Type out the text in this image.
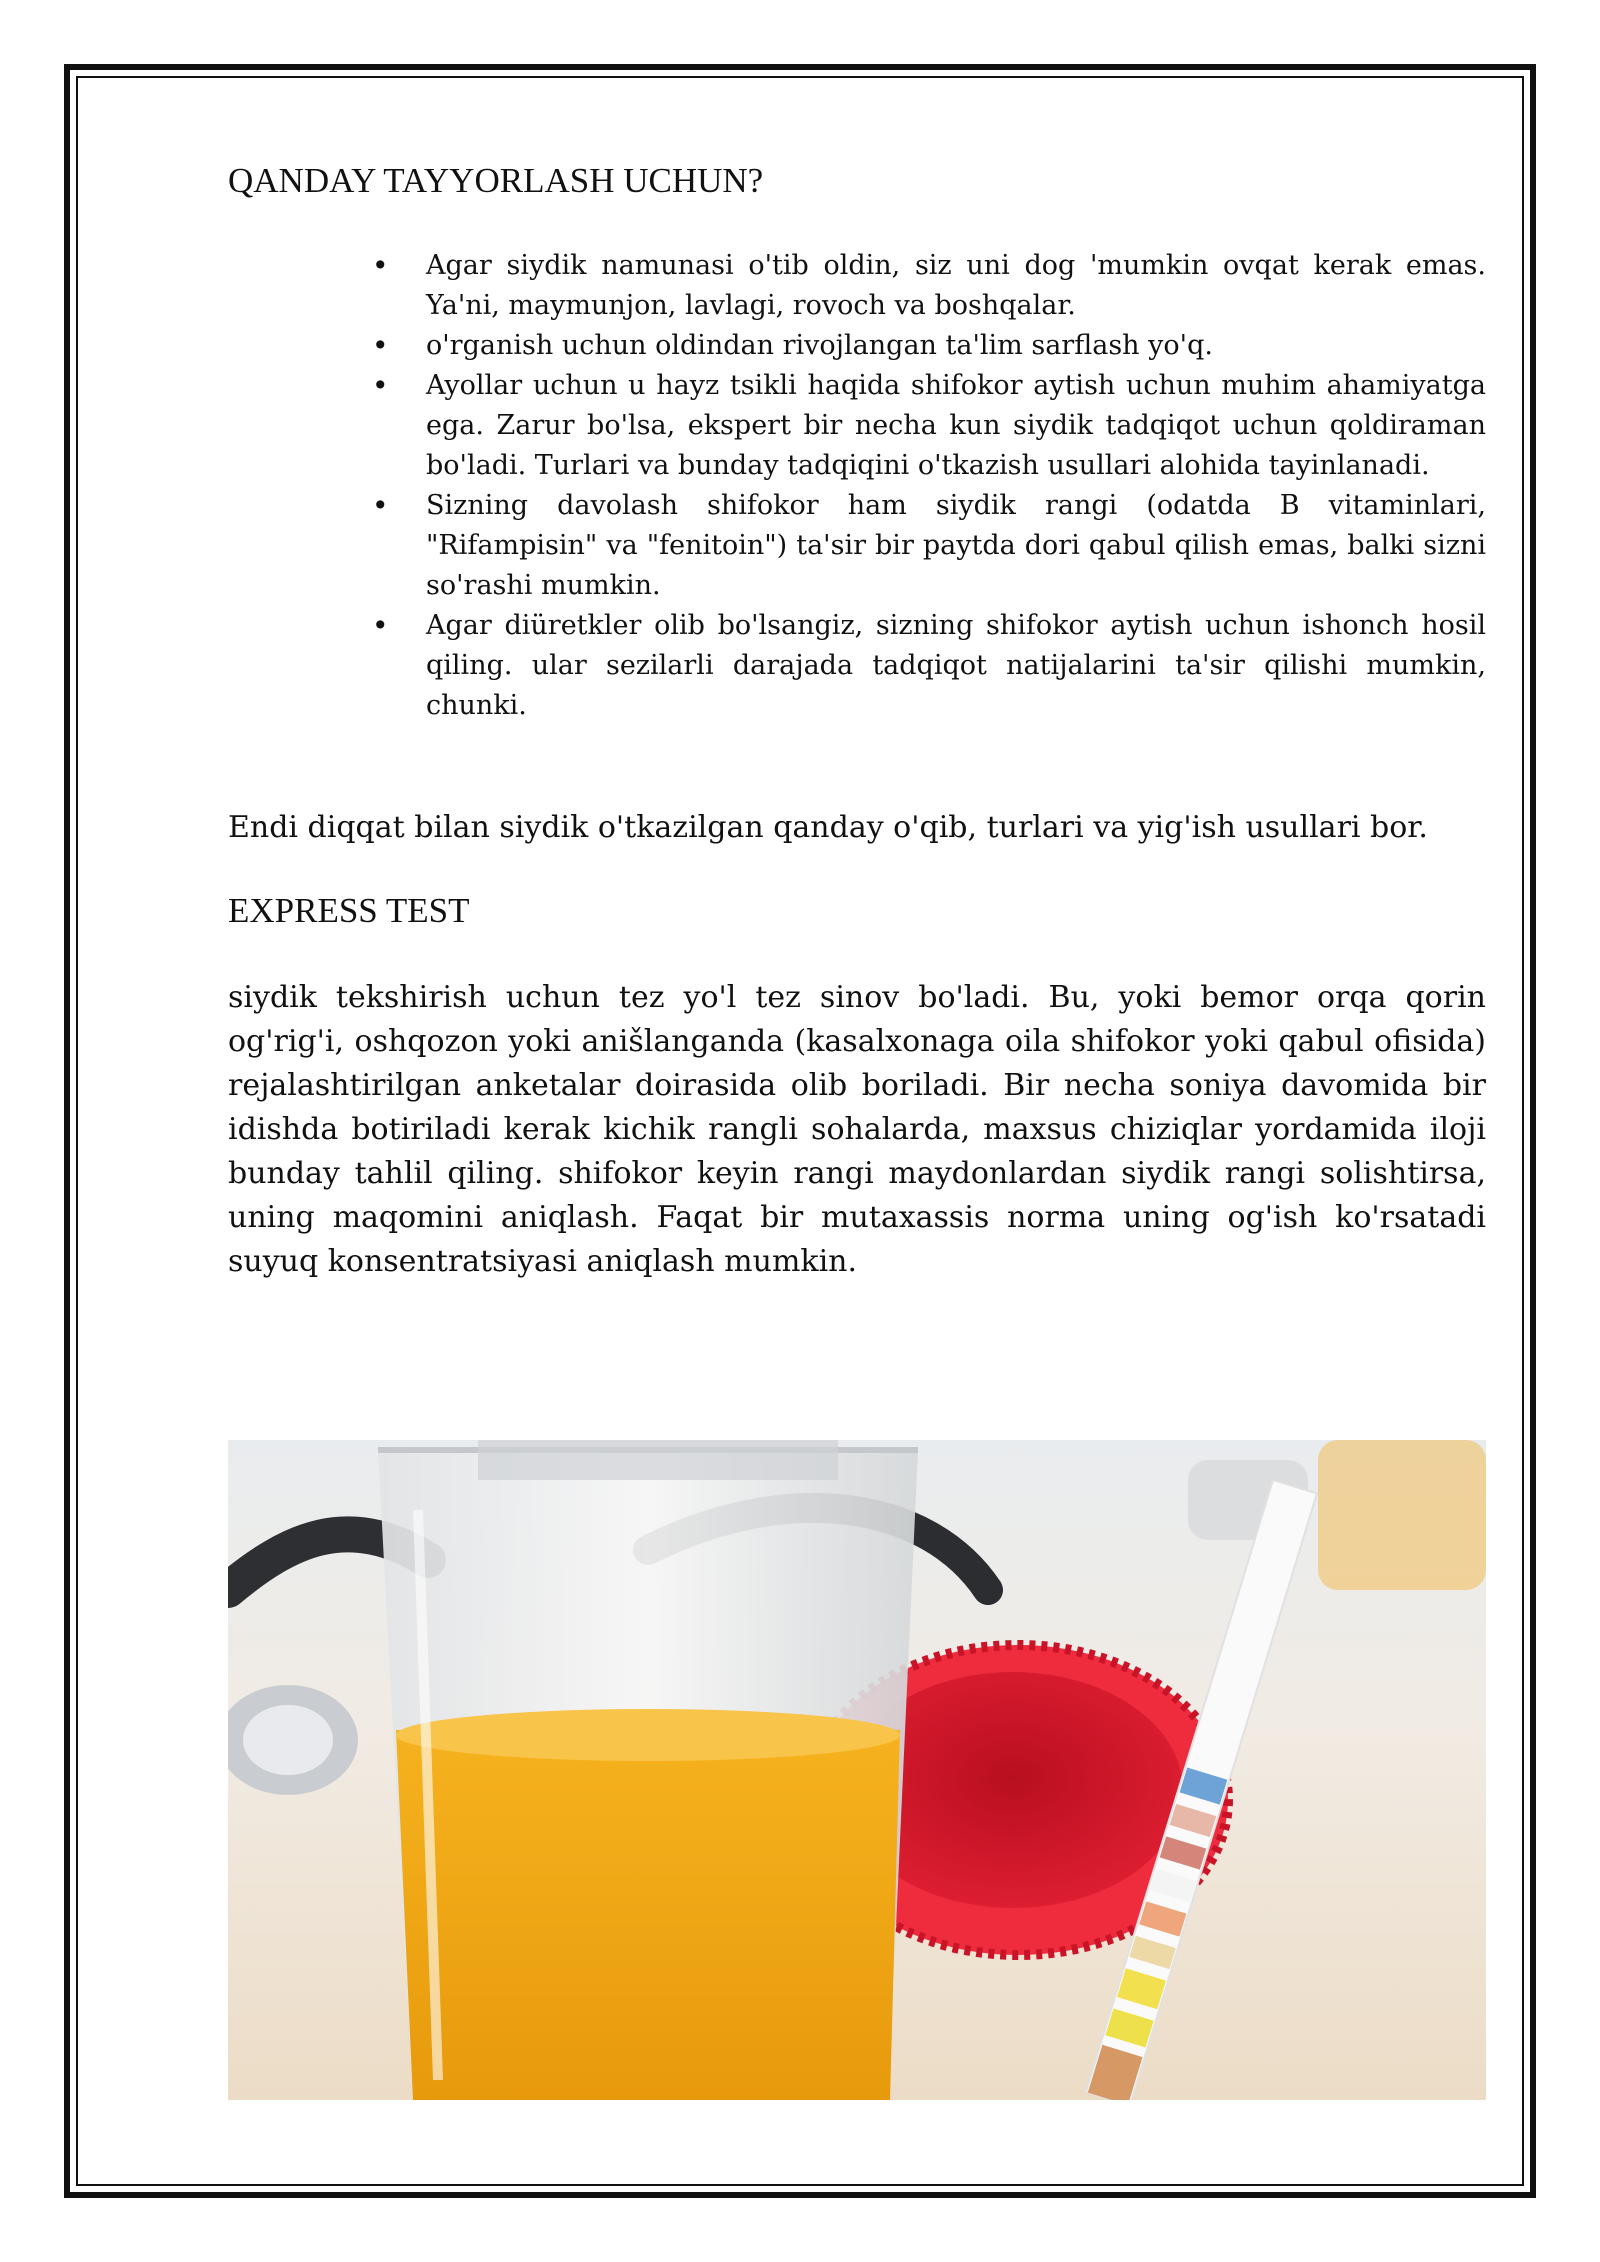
QANDAY TAYYORLASH UCHUN?
• Agar siydik namunasi o'tib oldin, siz uni dog 'mumkin ovqat kerak emas. Ya'ni, maymunjon, lavlagi, rovoch va boshqalar.
• o'rganish uchun oldindan rivojlangan ta'lim sarflash yo'q.
• Ayollar uchun u hayz tsikli haqida shifokor aytish uchun muhim ahamiyatga ega. Zarur bo'lsa, ekspert bir necha kun siydik tadqiqot uchun qoldiraman bo'ladi. Turlari va bunday tadqiqini o'tkazish usullari alohida tayinlanadi.
• Sizning davolash shifokor ham siydik rangi (odatda B vitaminlari, "Rifampisin" va "fenitoin") ta'sir bir paytda dori qabul qilish emas, balki sizni so'rashi mumkin.
• Agar diüretkler olib bo'lsangiz, sizning shifokor aytish uchun ishonch hosil qiling. ular sezilarli darajada tadqiqot natijalarini ta'sir qilishi mumkin, chunki.

Endi diqqat bilan siydik o'tkazilgan qanday o'qib, turlari va yig'ish usullari bor.

EXPRESS TEST

siydik tekshirish uchun tez yo'l tez sinov bo'ladi. Bu, yoki bemor orqa qorin og'rig'i, oshqozon yoki anišlanganda (kasalxonaga oila shifokor yoki qabul ofisida) rejalashtirilgan anketalar doirasida olib boriladi. Bir necha soniya davomida bir idishda botiriladi kerak kichik rangli sohalarda, maxsus chiziqlar yordamida iloji bunday tahlil qiling. shifokor keyin rangi maydonlardan siydik rangi solishtirsa, uning maqomini aniqlash. Faqat bir mutaxassis norma uning og'ish ko'rsatadi suyuq konsentratsiyasi aniqlash mumkin.
